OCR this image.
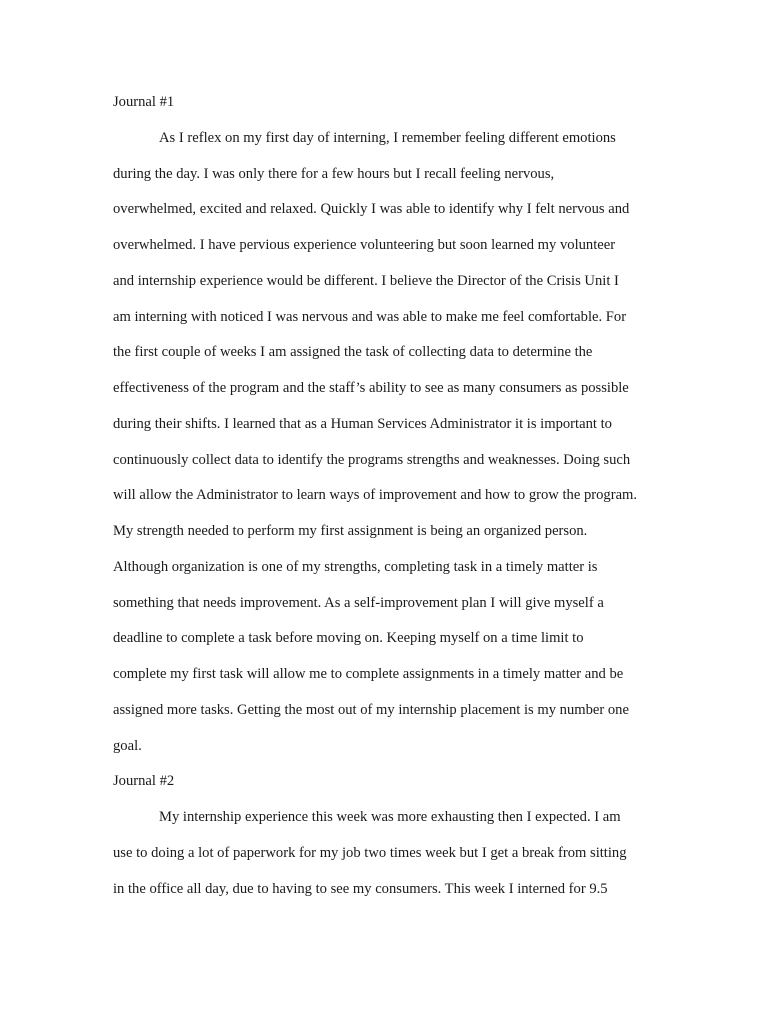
Journal #1
As I reflex on my first day of interning, I remember feeling different emotions
during the day. I was only there for a few hours but I recall feeling nervous,
overwhelmed, excited and relaxed. Quickly I was able to identify why I felt nervous and
overwhelmed. I have pervious experience volunteering but soon learned my volunteer
and internship experience would be different. I believe the Director of the Crisis Unit I
am interning with noticed I was nervous and was able to make me feel comfortable. For
the first couple of weeks I am assigned the task of collecting data to determine the
effectiveness of the program and the staff’s ability to see as many consumers as possible
during their shifts. I learned that as a Human Services Administrator it is important to
continuously collect data to identify the programs strengths and weaknesses. Doing such
will allow the Administrator to learn ways of improvement and how to grow the program.
My strength needed to perform my first assignment is being an organized person.
Although organization is one of my strengths, completing task in a timely matter is
something that needs improvement. As a self-improvement plan I will give myself a
deadline to complete a task before moving on. Keeping myself on a time limit to
complete my first task will allow me to complete assignments in a timely matter and be
assigned more tasks. Getting the most out of my internship placement is my number one
goal.
Journal #2
My internship experience this week was more exhausting then I expected. I am
use to doing a lot of paperwork for my job two times week but I get a break from sitting
in the office all day, due to having to see my consumers. This week I interned for 9.5
